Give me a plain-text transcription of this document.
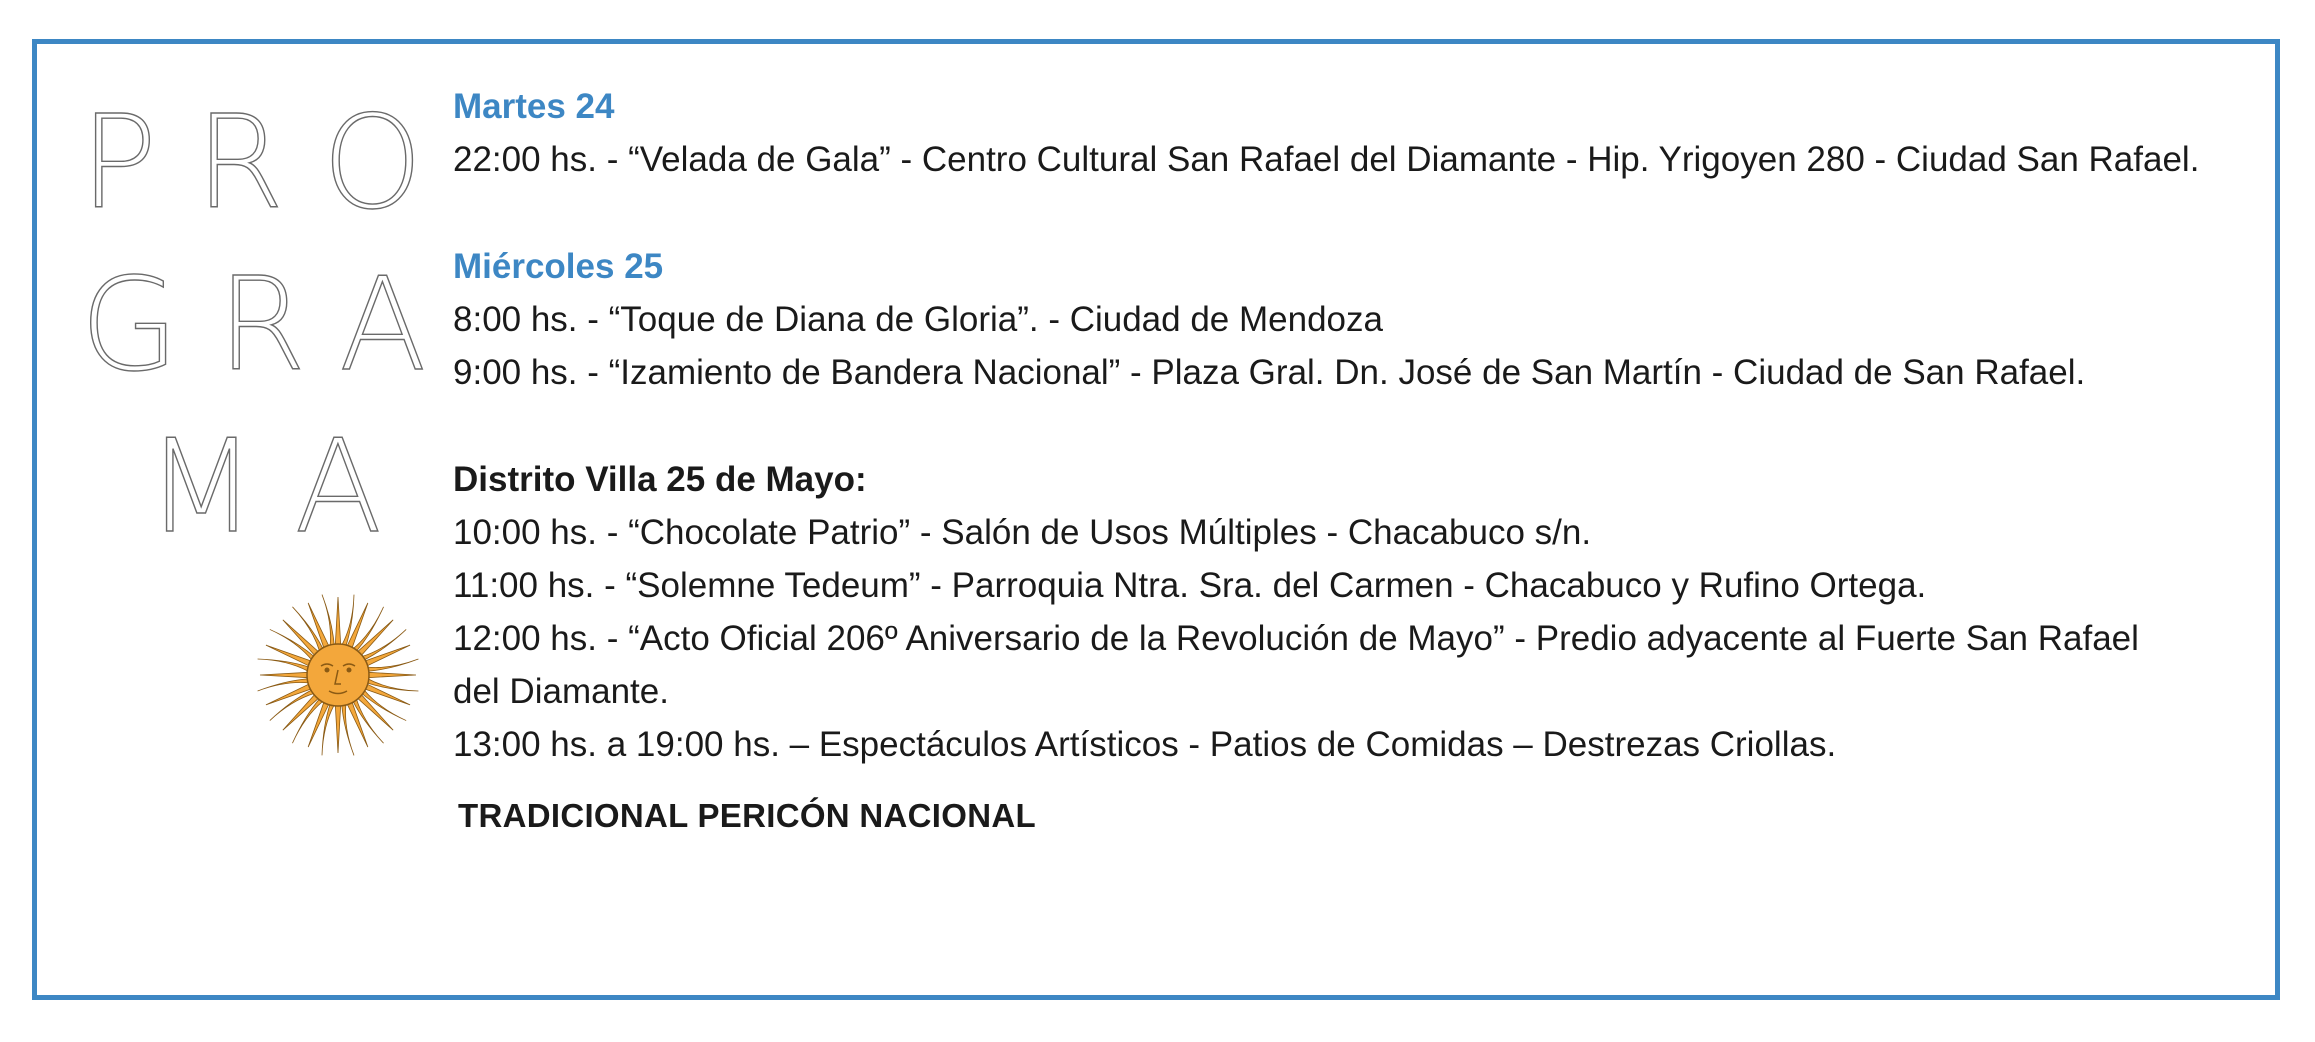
PRO
GRA
MA
Martes 24
22:00 hs. - “Velada de Gala” - Centro Cultural San Rafael del Diamante - Hip. Yrigoyen 280 - Ciudad San Rafael.
Miércoles 25
8:00 hs. - “Toque de Diana de Gloria”. - Ciudad de Mendoza
9:00 hs. - “Izamiento de Bandera Nacional” - Plaza Gral. Dn. José de San Martín - Ciudad de San Rafael.
Distrito Villa 25 de Mayo:
10:00 hs. - “Chocolate Patrio” - Salón de Usos Múltiples - Chacabuco s/n.
11:00 hs. - “Solemne Tedeum” - Parroquia Ntra. Sra. del Carmen - Chacabuco y Rufino Ortega.
12:00 hs. - “Acto Oficial 206º Aniversario de la Revolución de Mayo” - Predio adyacente al Fuerte San Rafael
del Diamante.
13:00 hs. a 19:00 hs. – Espectáculos Artísticos - Patios de Comidas – Destrezas Criollas.
TRADICIONAL PERICÓN NACIONAL
